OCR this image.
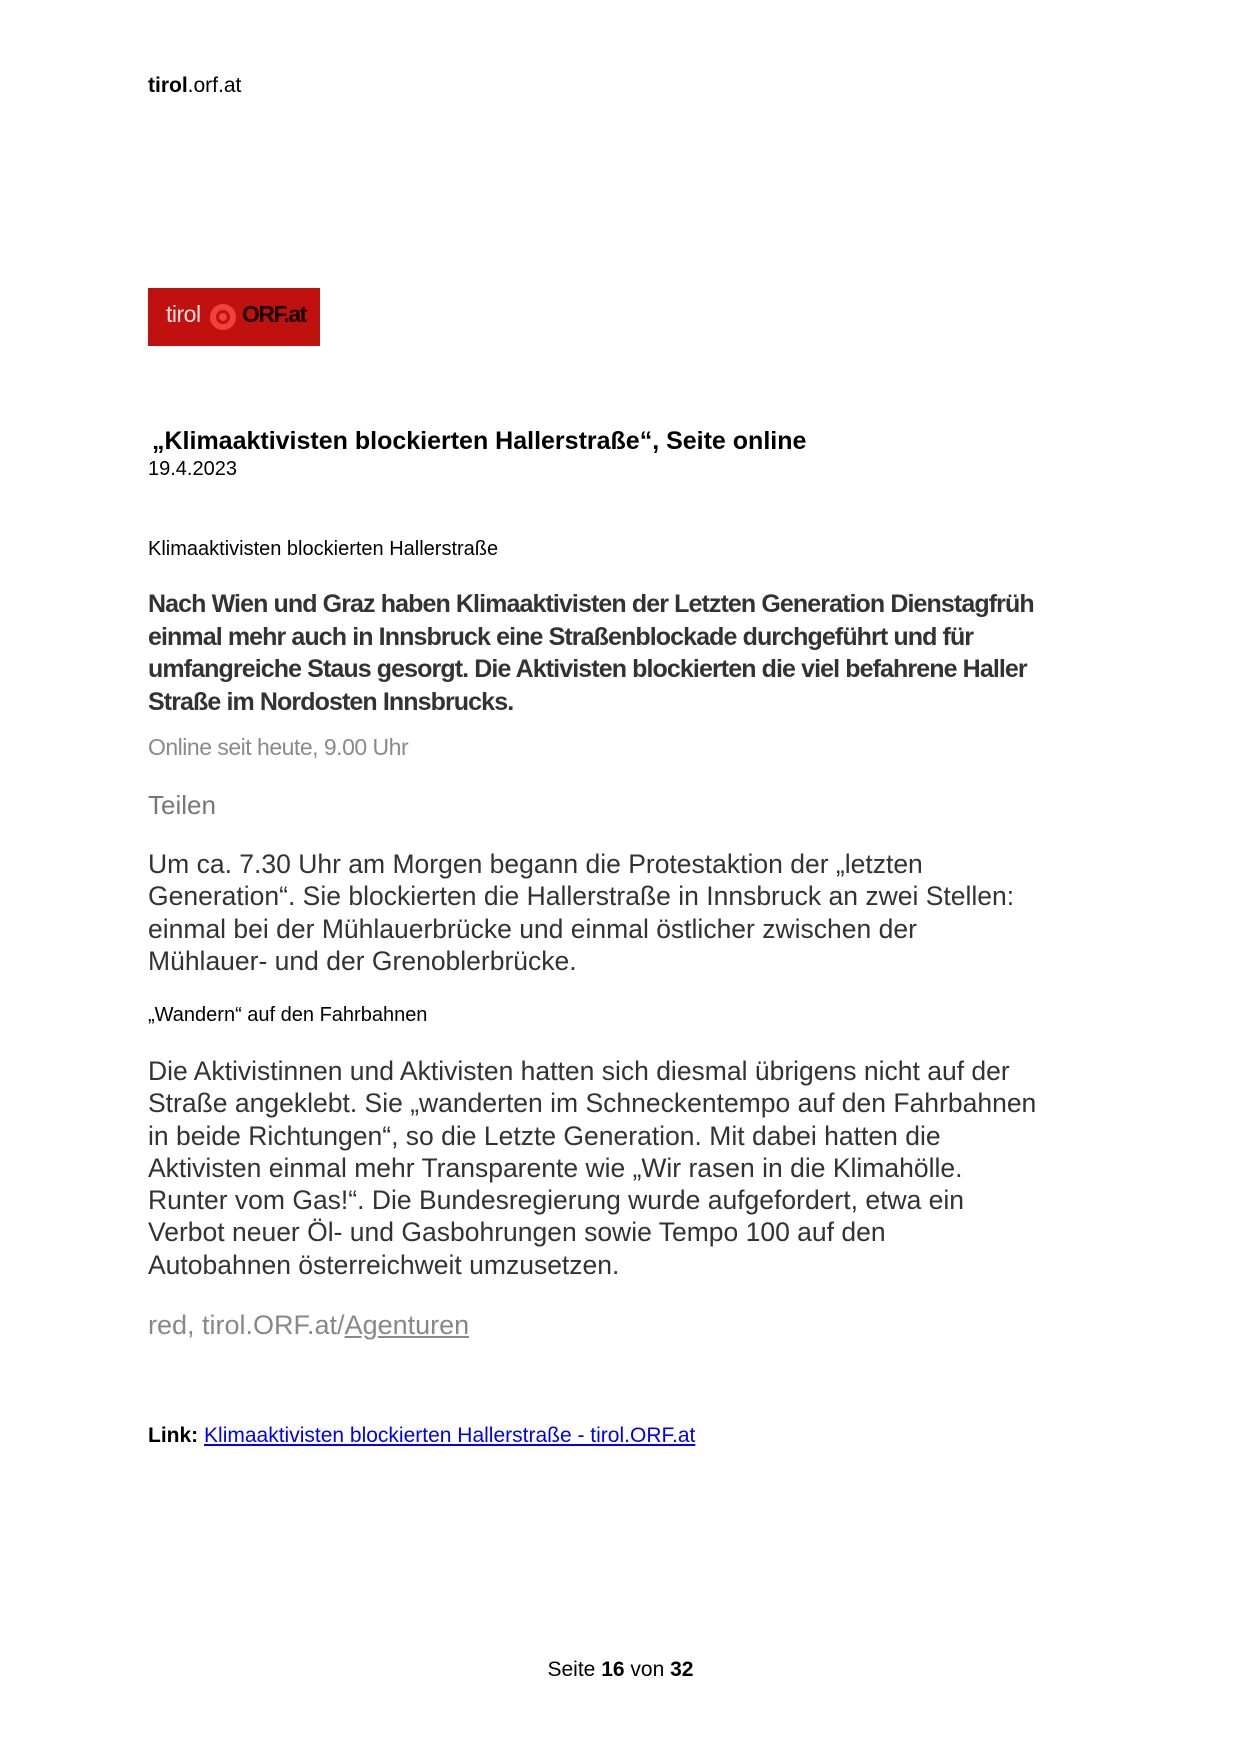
tirol.orf.at
tirol ORF.at
„Klimaaktivisten blockierten Hallerstraße“, Seite online
19.4.2023
Klimaaktivisten blockierten Hallerstraße
Nach Wien und Graz haben Klimaaktivisten der Letzten Generation Dienstagfrüh
einmal mehr auch in Innsbruck eine Straßenblockade durchgeführt und für
umfangreiche Staus gesorgt. Die Aktivisten blockierten die viel befahrene Haller
Straße im Nordosten Innsbrucks.
Online seit heute, 9.00 Uhr
Teilen
Um ca. 7.30 Uhr am Morgen begann die Protestaktion der „letzten
Generation“. Sie blockierten die Hallerstraße in Innsbruck an zwei Stellen:
einmal bei der Mühlauerbrücke und einmal östlicher zwischen der
Mühlauer- und der Grenoblerbrücke.
„Wandern“ auf den Fahrbahnen
Die Aktivistinnen und Aktivisten hatten sich diesmal übrigens nicht auf der
Straße angeklebt. Sie „wanderten im Schneckentempo auf den Fahrbahnen
in beide Richtungen“, so die Letzte Generation. Mit dabei hatten die
Aktivisten einmal mehr Transparente wie „Wir rasen in die Klimahölle.
Runter vom Gas!“. Die Bundesregierung wurde aufgefordert, etwa ein
Verbot neuer Öl- und Gasbohrungen sowie Tempo 100 auf den
Autobahnen österreichweit umzusetzen.
red, tirol.ORF.at/Agenturen
Link: Klimaaktivisten blockierten Hallerstraße - tirol.ORF.at
Seite 16 von 32
